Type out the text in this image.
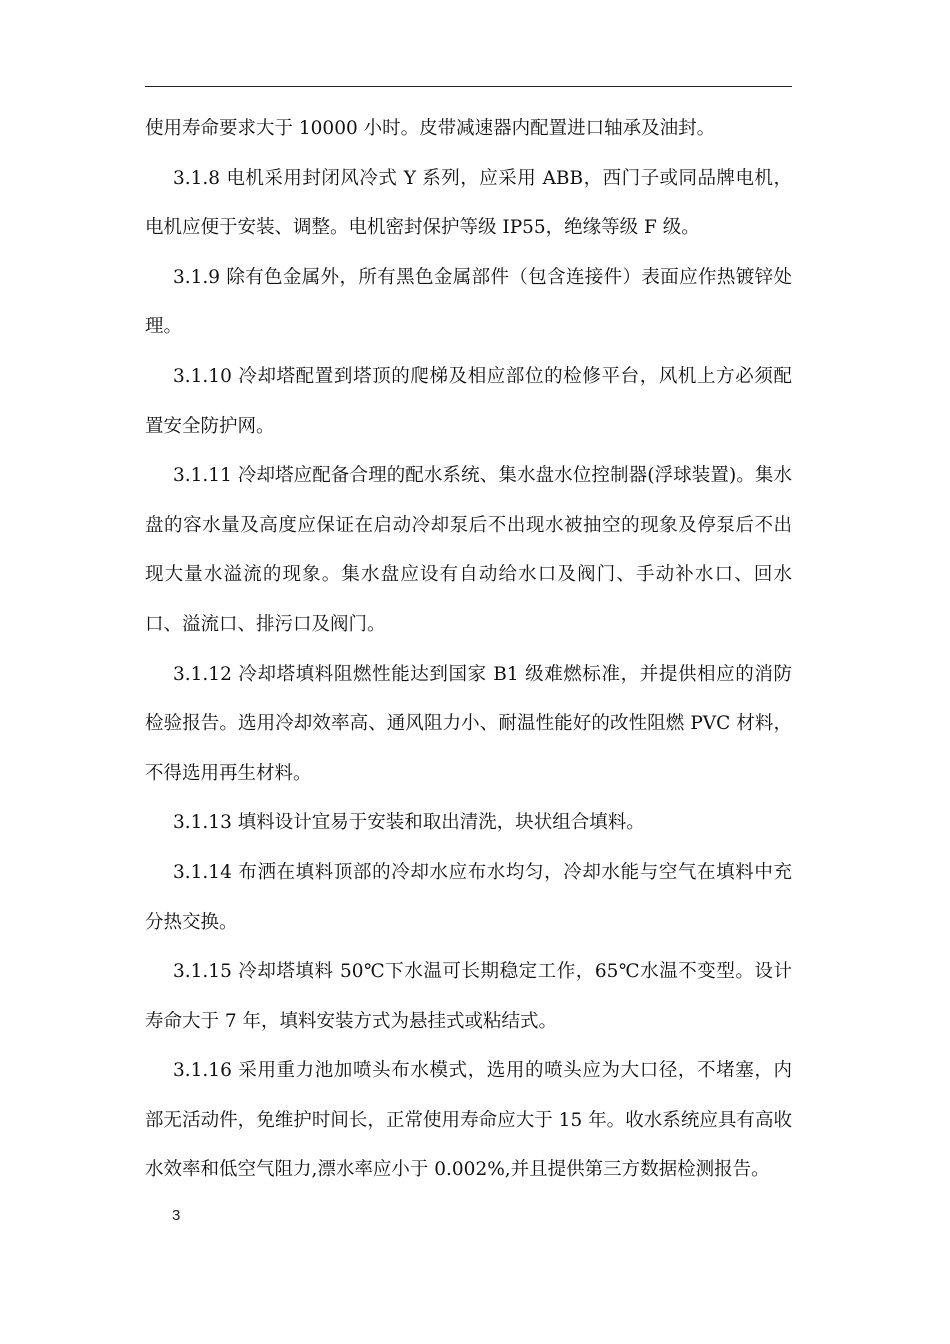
使用寿命要求大于 10000 小时。皮带减速器内配置进口轴承及油封。

3.1.8 电机采用封闭风冷式 Y 系列，应采用 ABB，西门子或同品牌电机，电机应便于安装、调整。电机密封保护等级 IP55，绝缘等级 F 级。

3.1.9 除有色金属外，所有黑色金属部件（包含连接件）表面应作热镀锌处理。

3.1.10 冷却塔配置到塔顶的爬梯及相应部位的检修平台，风机上方必须配置安全防护网。

3.1.11 冷却塔应配备合理的配水系统、集水盘水位控制器(浮球装置)。集水盘的容水量及高度应保证在启动冷却泵后不出现水被抽空的现象及停泵后不出现大量水溢流的现象。集水盘应设有自动给水口及阀门、手动补水口、回水口、溢流口、排污口及阀门。

3.1.12 冷却塔填料阻燃性能达到国家 B1 级难燃标准，并提供相应的消防检验报告。选用冷却效率高、通风阻力小、耐温性能好的改性阻燃 PVC 材料，不得选用再生材料。

3.1.13 填料设计宜易于安装和取出清洗，块状组合填料。

3.1.14 布洒在填料顶部的冷却水应布水均匀，冷却水能与空气在填料中充分热交换。

3.1.15 冷却塔填料 50℃下水温可长期稳定工作，65℃水温不变型。设计寿命大于 7 年，填料安装方式为悬挂式或粘结式。

3.1.16 采用重力池加喷头布水模式，选用的喷头应为大口径，不堵塞，内部无活动件，免维护时间长，正常使用寿命应大于 15 年。收水系统应具有高收水效率和低空气阻力,漂水率应小于 0.002%,并且提供第三方数据检测报告。

3
